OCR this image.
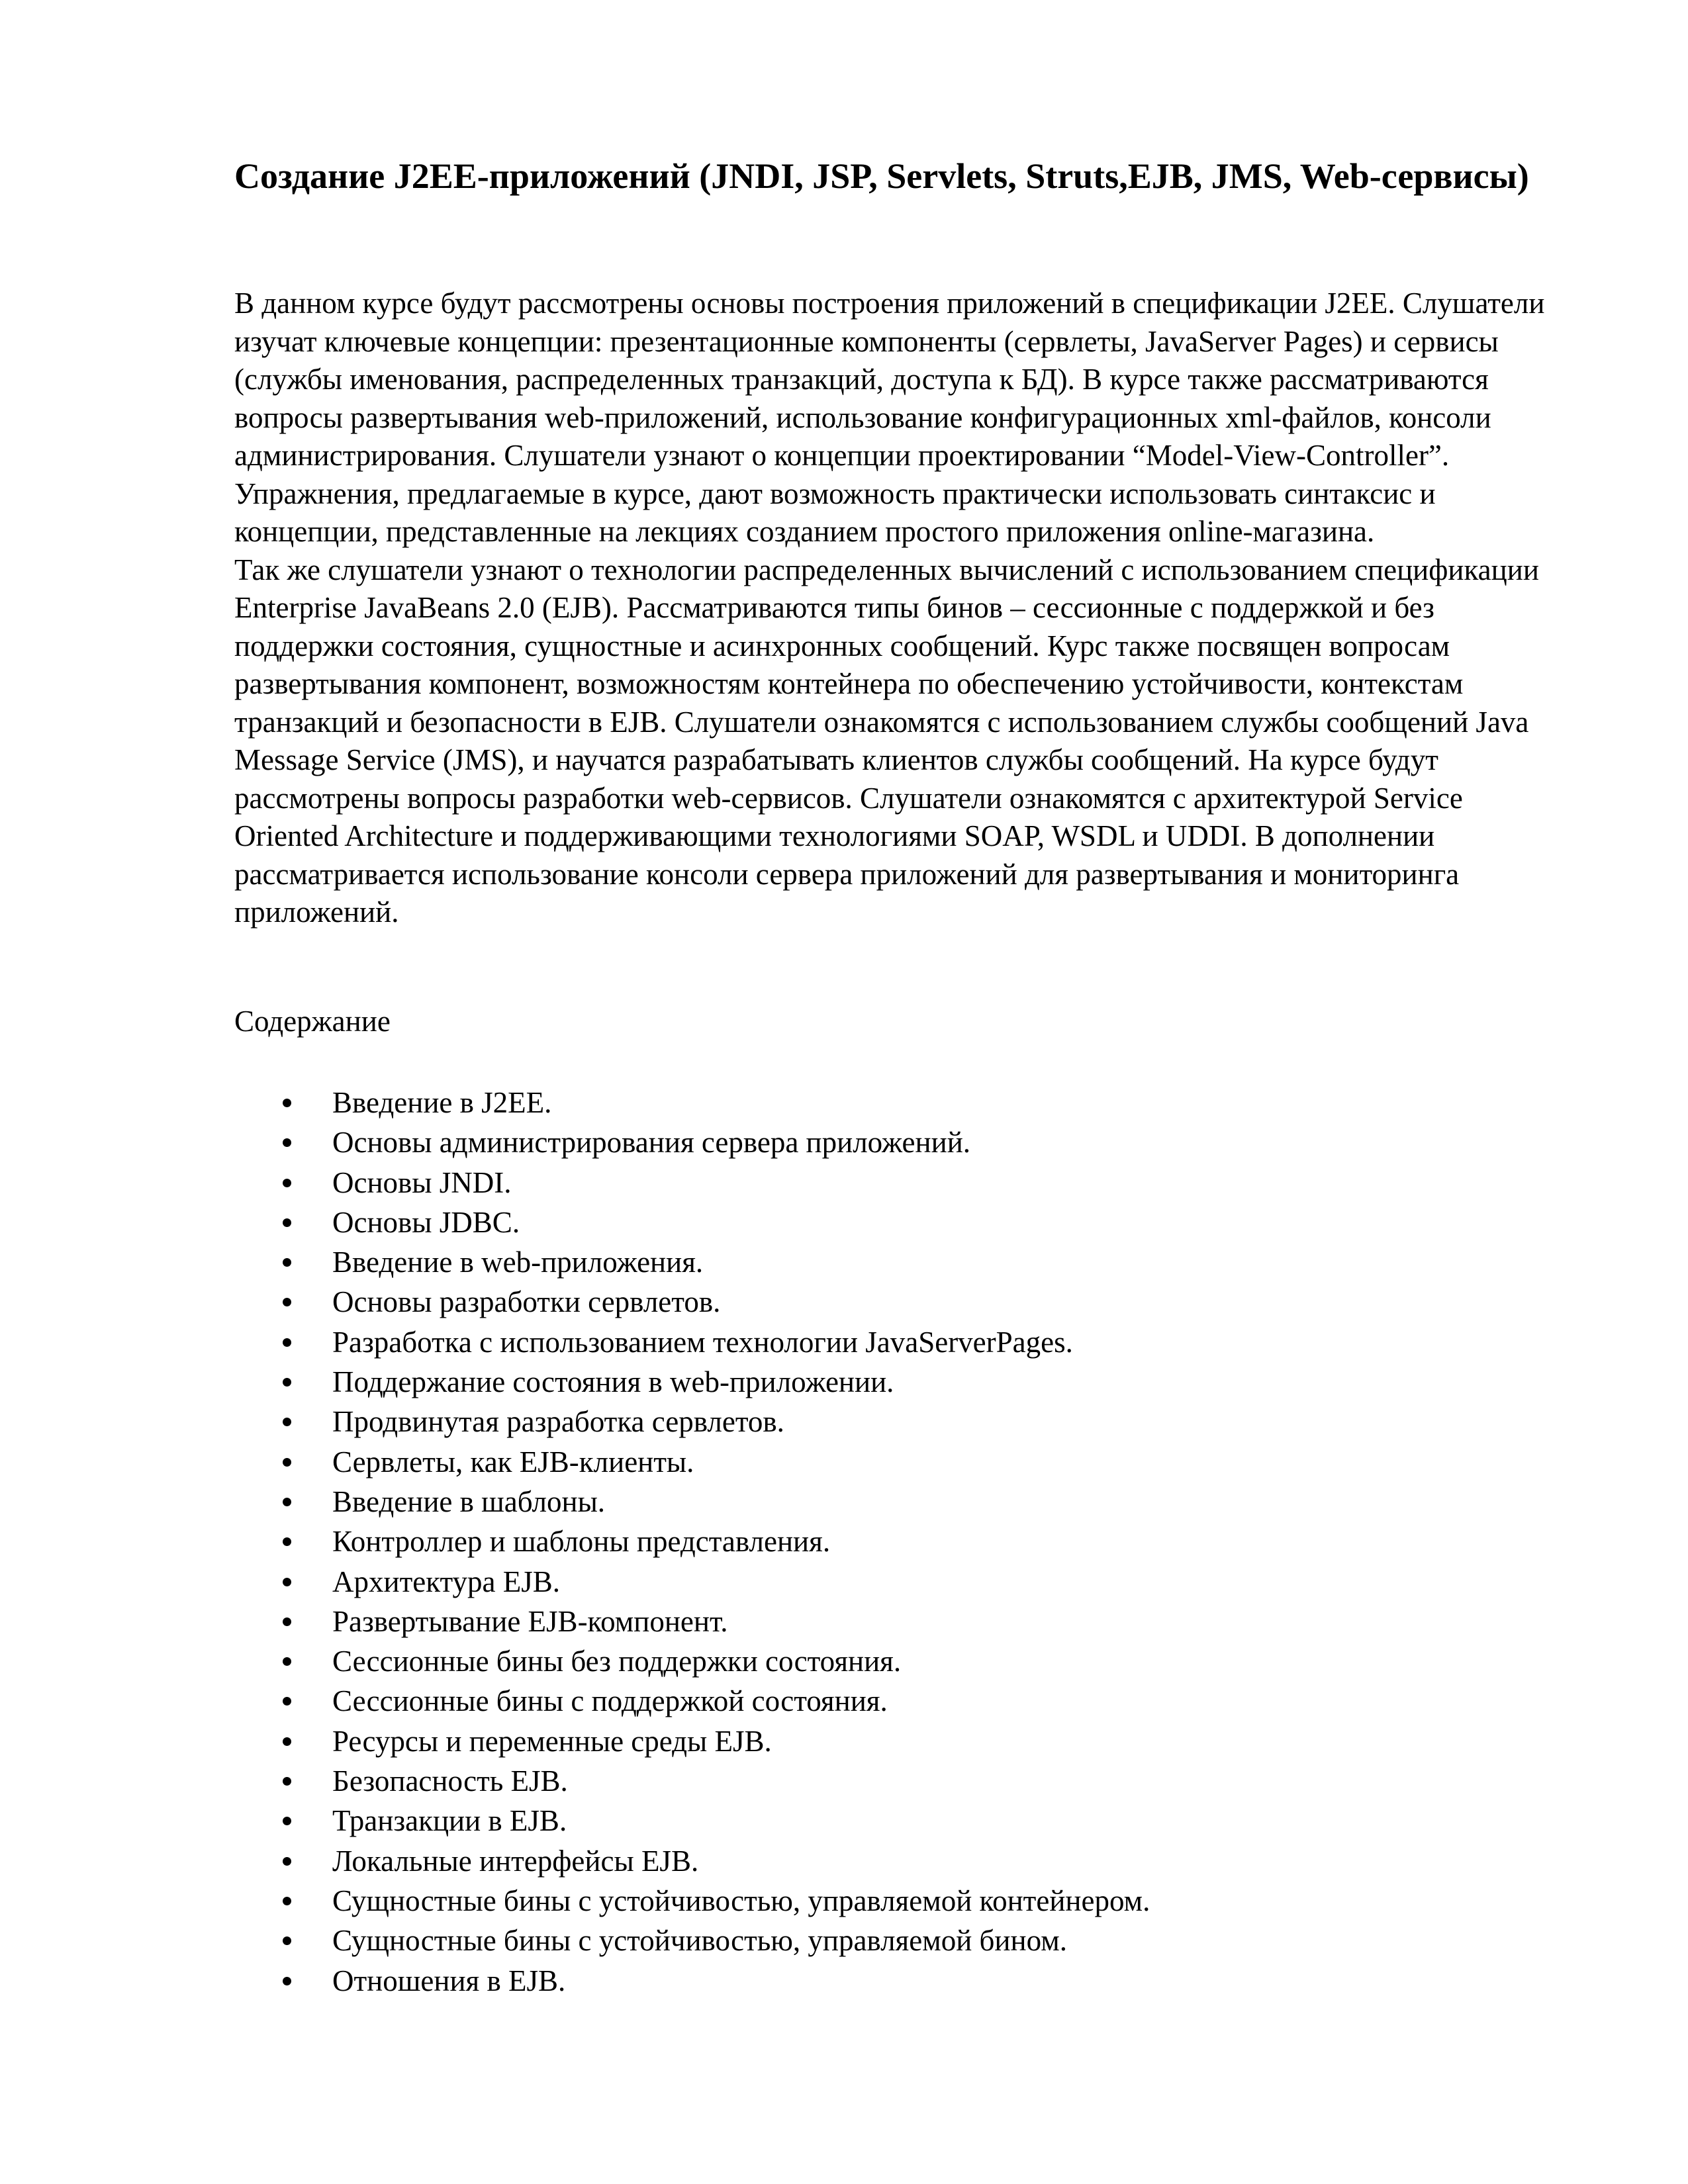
Создание J2EE-приложений (JNDI, JSP, Servlets, Struts,EJB, JMS, Web-сервисы)

В данном курсе будут рассмотрены основы построения приложений в спецификации J2EE. Слушатели изучат ключевые концепции: презентационные компоненты (сервлеты, JavaServer Pages) и сервисы (службы именования, распределенных транзакций, доступа к БД). В курсе также рассматриваются вопросы развертывания web-приложений, использование конфигурационных xml-файлов, консоли администрирования. Слушатели узнают о концепции проектировании “Model-View-Controller”. Упражнения, предлагаемые в курсе, дают возможность практически использовать синтаксис и концепции, представленные на лекциях созданием простого приложения online-магазина.

Так же слушатели узнают о технологии распределенных вычислений с использованием спецификации Enterprise JavaBeans 2.0 (EJB). Рассматриваются типы бинов – сессионные с поддержкой и без поддержки состояния, сущностные и асинхронных сообщений. Курс также посвящен вопросам развертывания компонент, возможностям контейнера по обеспечению устойчивости, контекстам транзакций и безопасности в EJB. Слушатели ознакомятся с использованием службы сообщений Java Message Service (JMS), и научатся разрабатывать клиентов службы сообщений. На курсе будут рассмотрены вопросы разработки web-сервисов. Слушатели ознакомятся с архитектурой Service Oriented Architecture и поддерживающими технологиями SOAP, WSDL и UDDI. В дополнении рассматривается использование консоли сервера приложений для развертывания и мониторинга приложений.

Содержание
Введение в J2EE.
Основы администрирования сервера приложений.
Основы JNDI.
Основы JDBC.
Введение в web-приложения.
Основы разработки сервлетов.
Разработка с использованием технологии JavaServerPages.
Поддержание состояния в web-приложении.
Продвинутая разработка сервлетов.
Сервлеты, как EJB-клиенты.
Введение в шаблоны.
Контроллер и шаблоны представления.
Архитектура EJB.
Развертывание EJB-компонент.
Сессионные бины без поддержки состояния.
Сессионные бины с поддержкой состояния.
Ресурсы и переменные среды EJB.
Безопасность EJB.
Транзакции в EJB.
Локальные интерфейсы EJB.
Сущностные бины с устойчивостью, управляемой контейнером.
Сущностные бины с устойчивостью, управляемой бином.
Отношения в EJB.
